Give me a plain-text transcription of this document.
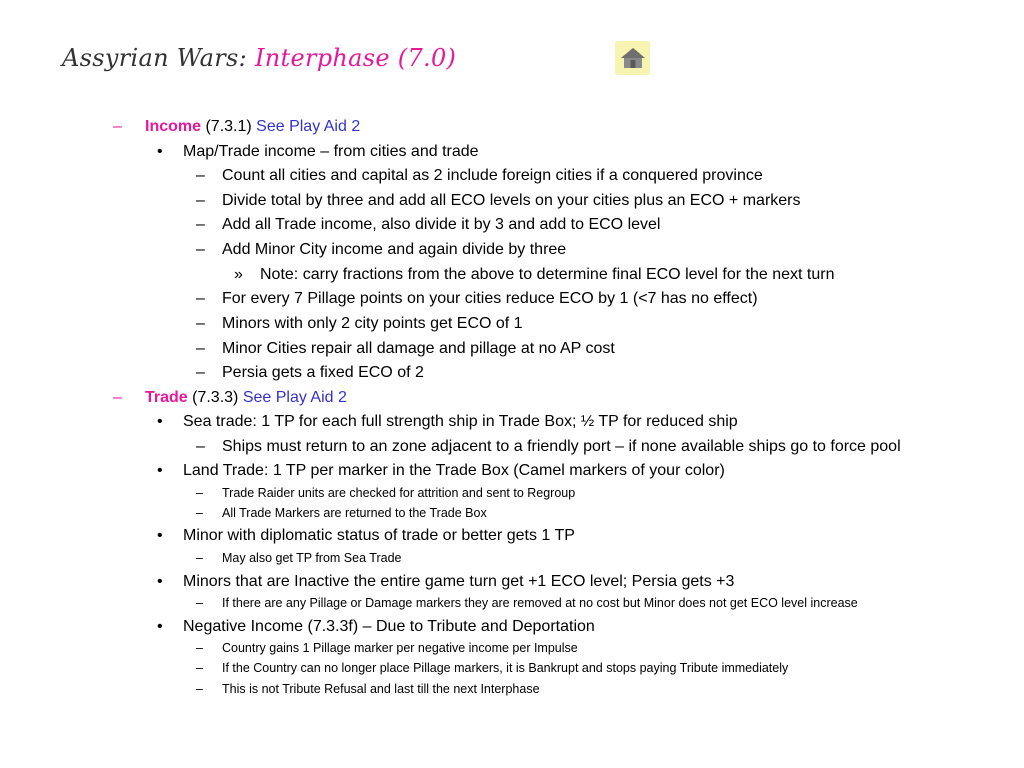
Assyrian Wars: Interphase (7.0)
– Income (7.3.1) See Play Aid 2
• Map/Trade income – from cities and trade
– Count all cities and capital as 2 include foreign cities if a conquered province
– Divide total by three and add all ECO levels on your cities plus an ECO + markers
– Add all Trade income, also divide it by 3 and add to ECO level
– Add Minor City income and again divide by three
» Note: carry fractions from the above to determine final ECO level for the next turn
– For every 7 Pillage points on your cities reduce ECO by 1 (<7 has no effect)
– Minors with only 2 city points get ECO of 1
– Minor Cities repair all damage and pillage at no AP cost
– Persia gets a fixed ECO of 2
– Trade (7.3.3) See Play Aid 2
• Sea trade: 1 TP for each full strength ship in Trade Box; ½ TP for reduced ship
– Ships must return to an zone adjacent to a friendly port – if none available ships go to force pool
• Land Trade: 1 TP per marker in the Trade Box (Camel markers of your color)
– Trade Raider units are checked for attrition and sent to Regroup
– All Trade Markers are returned to the Trade Box
• Minor with diplomatic status of trade or better gets 1 TP
– May also get TP from Sea Trade
• Minors that are Inactive the entire game turn get +1 ECO level; Persia gets +3
– If there are any Pillage or Damage markers they are removed at no cost but Minor does not get ECO level increase
• Negative Income (7.3.3f) – Due to Tribute and Deportation
– Country gains 1 Pillage marker per negative income per Impulse
– If the Country can no longer place Pillage markers, it is Bankrupt and stops paying Tribute immediately
– This is not Tribute Refusal and last till the next Interphase
